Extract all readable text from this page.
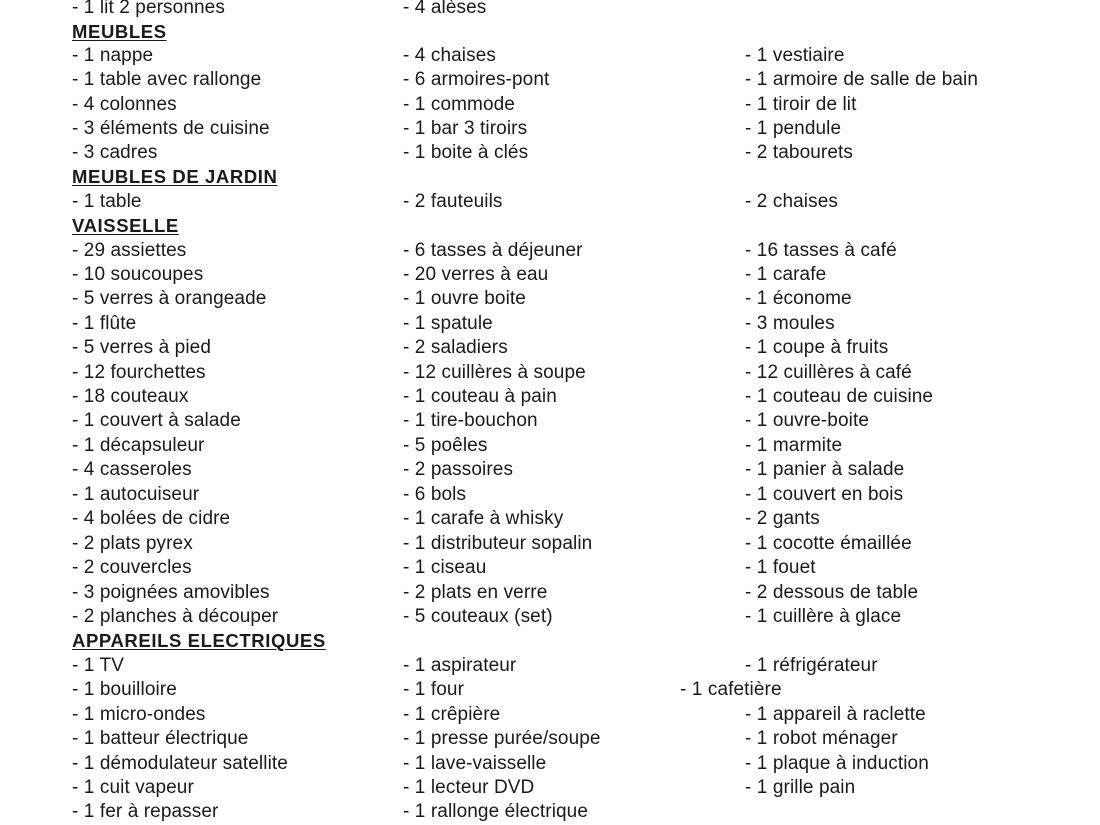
- 1 lit 2 personnes	- 4 alèses
MEUBLES
- 1 nappe	- 4 chaises	- 1 vestiaire
- 1 table avec rallonge	- 6 armoires-pont	- 1 armoire de salle de bain
- 4 colonnes	- 1 commode	- 1 tiroir de lit
- 3 éléments de cuisine	- 1 bar 3 tiroirs	- 1 pendule
- 3 cadres	- 1 boite à clés	- 2 tabourets
MEUBLES DE JARDIN
- 1 table	- 2 fauteuils	- 2 chaises
VAISSELLE
- 29 assiettes	- 6 tasses à déjeuner	- 16 tasses à café
- 10 soucoupes	- 20 verres à eau	- 1 carafe
- 5 verres à orangeade	- 1 ouvre boite	- 1 économe
- 1 flûte	- 1 spatule	- 3 moules
- 5 verres à pied	- 2 saladiers	- 1 coupe à fruits
- 12 fourchettes	- 12 cuillères à soupe	- 12 cuillères à café
- 18 couteaux	- 1 couteau à pain	- 1 couteau de cuisine
- 1 couvert à salade	- 1 tire-bouchon	- 1 ouvre-boite
- 1 décapsuleur	- 5 poêles	- 1 marmite
- 4 casseroles	- 2 passoires	- 1 panier à salade
- 1 autocuiseur	- 6 bols	- 1 couvert en bois
- 4 bolées de cidre	- 1 carafe à whisky	- 2 gants
- 2 plats pyrex	- 1 distributeur sopalin	- 1 cocotte émaillée
- 2 couvercles	- 1 ciseau	- 1 fouet
- 3 poignées amovibles	- 2 plats en verre	- 2 dessous de table
- 2 planches à découper	- 5 couteaux (set)	- 1 cuillère à glace
APPAREILS ELECTRIQUES
- 1 TV	- 1 aspirateur	- 1 réfrigérateur
- 1 bouilloire	- 1 four	- 1 cafetière
- 1 micro-ondes	- 1 crêpière	- 1 appareil à raclette
- 1 batteur électrique	- 1 presse purée/soupe	- 1 robot ménager
- 1 démodulateur satellite	- 1 lave-vaisselle	- 1 plaque à induction
- 1 cuit vapeur	- 1 lecteur DVD	- 1 grille pain
- 1 fer à repasser	- 1 rallonge électrique
